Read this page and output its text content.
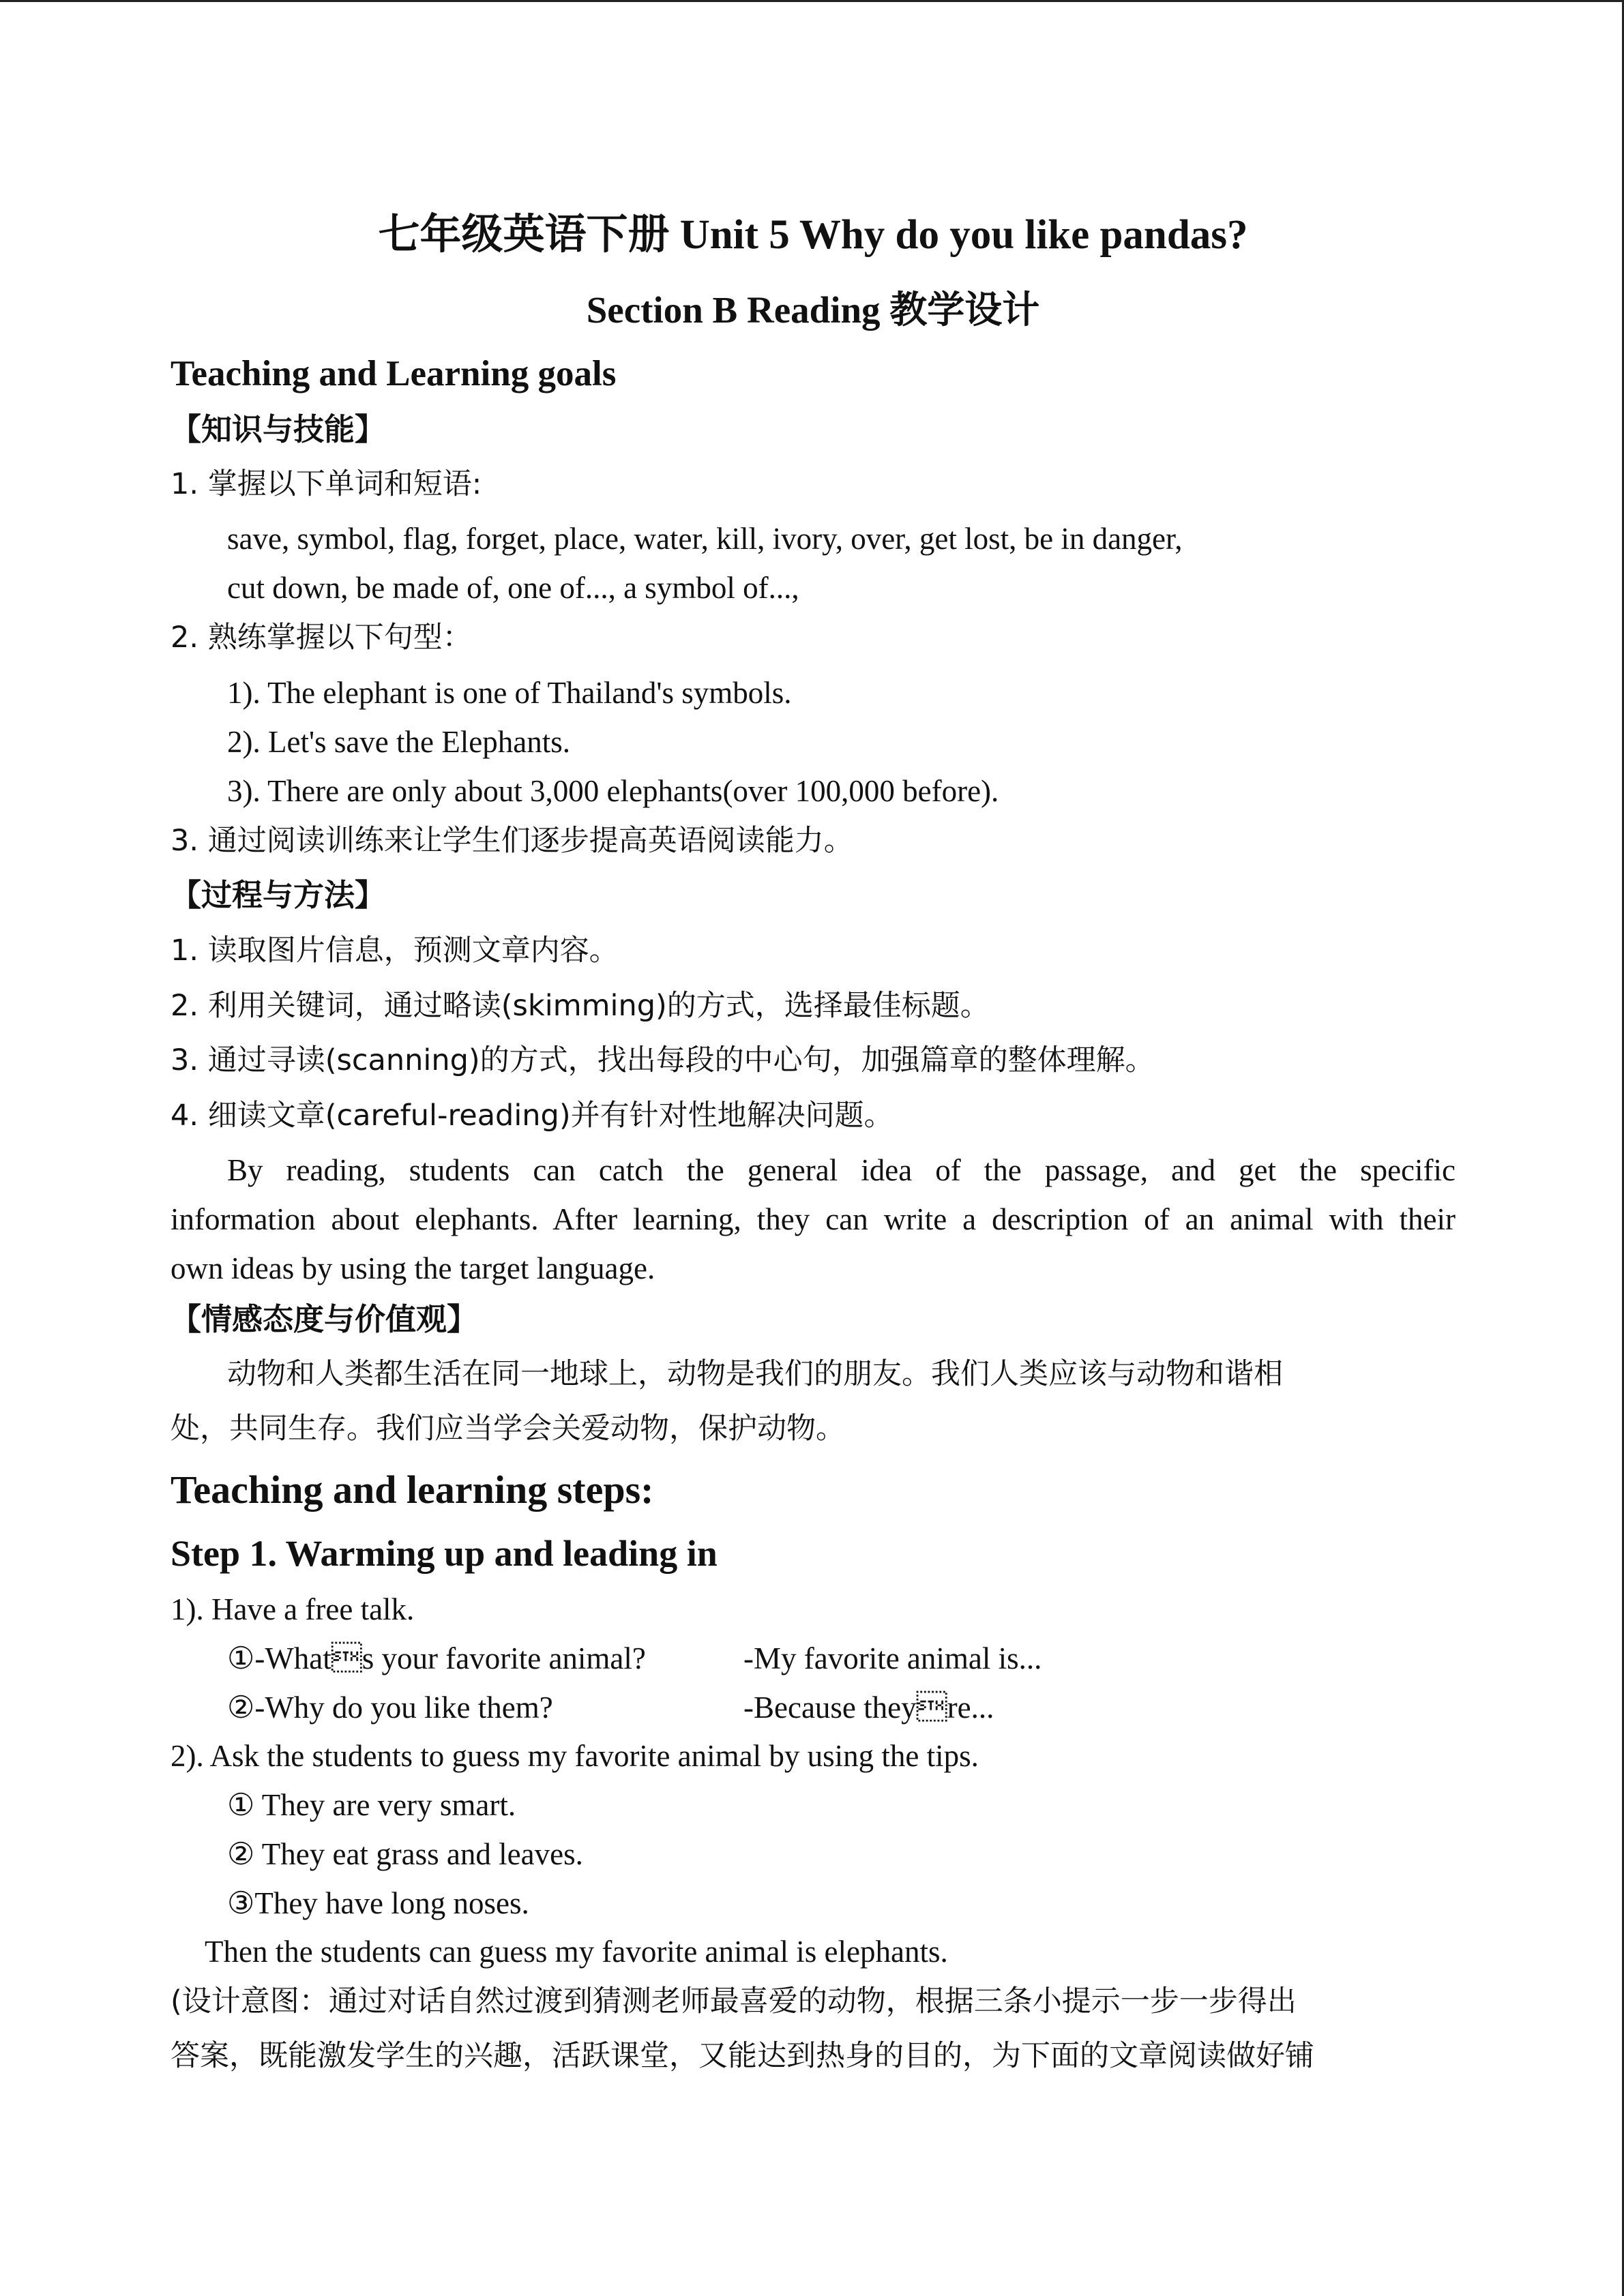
七年级英语下册 Unit 5 Why do you like pandas?
Section B Reading 教学设计
Teaching and Learning goals
【知识与技能】
1. 掌握以下单词和短语:
save, symbol, flag, forget, place, water, kill, ivory, over, get lost, be in danger,
cut down, be made of, one of..., a symbol of...,
2. 熟练掌握以下句型：
1). The elephant is one of Thailand's symbols.
2). Let's save the Elephants.
3). There are only about 3,000 elephants(over 100,000 before).
3. 通过阅读训练来让学生们逐步提高英语阅读能力。
【过程与方法】
1. 读取图片信息，预测文章内容。
2. 利用关键词，通过略读(skimming)的方式，选择最佳标题。
3. 通过寻读(scanning)的方式，找出每段的中心句，加强篇章的整体理解。
4. 细读文章(careful-reading)并有针对性地解决问题。
By reading, students can catch the general idea of the passage, and get the specific
information about elephants. After learning, they can write a description of an animal with their
own ideas by using the target language.
【情感态度与价值观】
动物和人类都生活在同一地球上，动物是我们的朋友。我们人类应该与动物和谐相
处，共同生存。我们应当学会关爱动物，保护动物。
Teaching and learning steps:
Step 1. Warming up and leading in
1). Have a free talk.
①-Whats your favorite animal?	-My favorite animal is...
②-Why do you like them?	-Because theyre...
2). Ask the students to guess my favorite animal by using the tips.
① They are very smart.
② They eat grass and leaves.
③They have long noses.
Then the students can guess my favorite animal is elephants.
(设计意图：通过对话自然过渡到猜测老师最喜爱的动物，根据三条小提示一步一步得出
答案，既能激发学生的兴趣，活跃课堂，又能达到热身的目的，为下面的文章阅读做好铺
